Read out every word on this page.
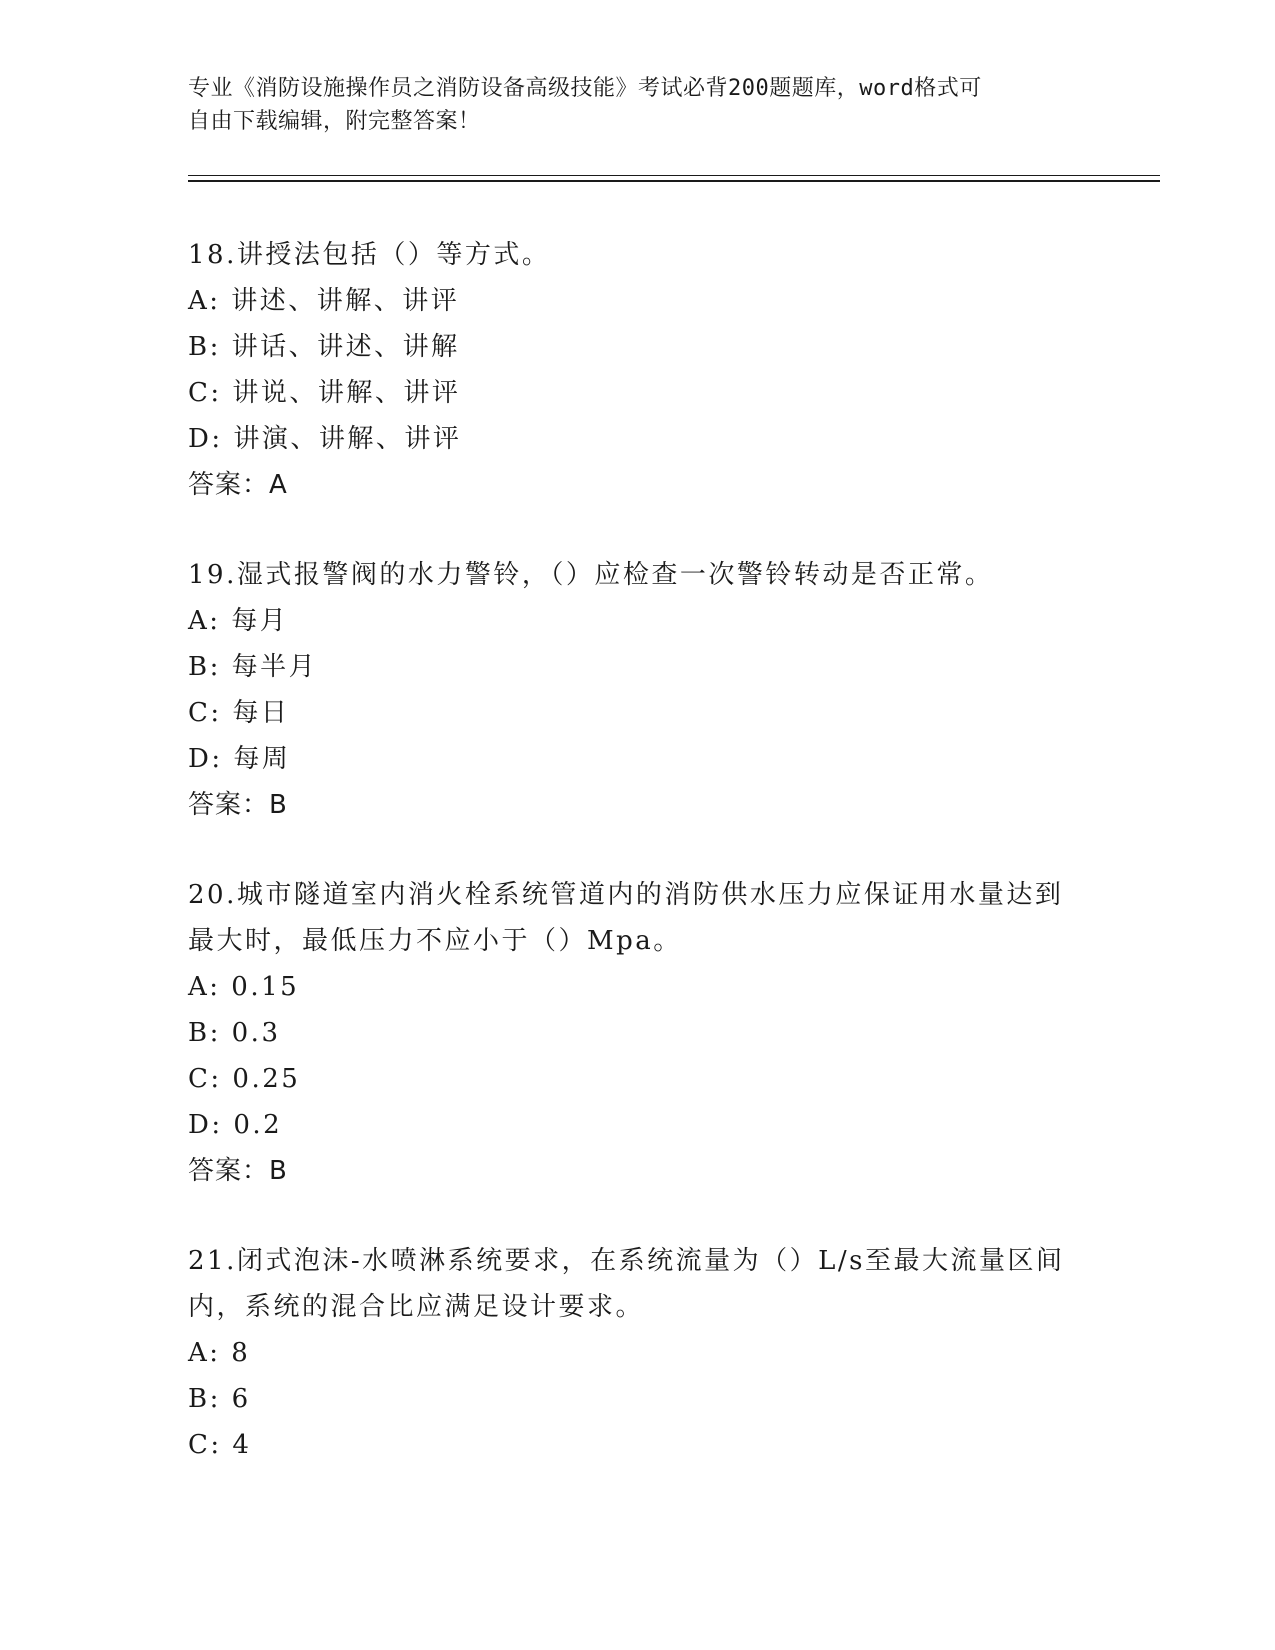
专业《消防设施操作员之消防设备高级技能》考试必背200题题库，word格式可
自由下载编辑，附完整答案！
18.讲授法包括（）等方式。
A: 讲述、讲解、讲评
B: 讲话、讲述、讲解
C: 讲说、讲解、讲评
D: 讲演、讲解、讲评
答案：A
19.湿式报警阀的水力警铃，（）应检查一次警铃转动是否正常。
A: 每月
B: 每半月
C: 每日
D: 每周
答案：B
20.城市隧道室内消火栓系统管道内的消防供水压力应保证用水量达到最大时，最低压力不应小于（）Mpa。
A: 0.15
B: 0.3
C: 0.25
D: 0.2
答案：B
21.闭式泡沫-水喷淋系统要求，在系统流量为（）L/s至最大流量区间内，系统的混合比应满足设计要求。
A: 8
B: 6
C: 4
